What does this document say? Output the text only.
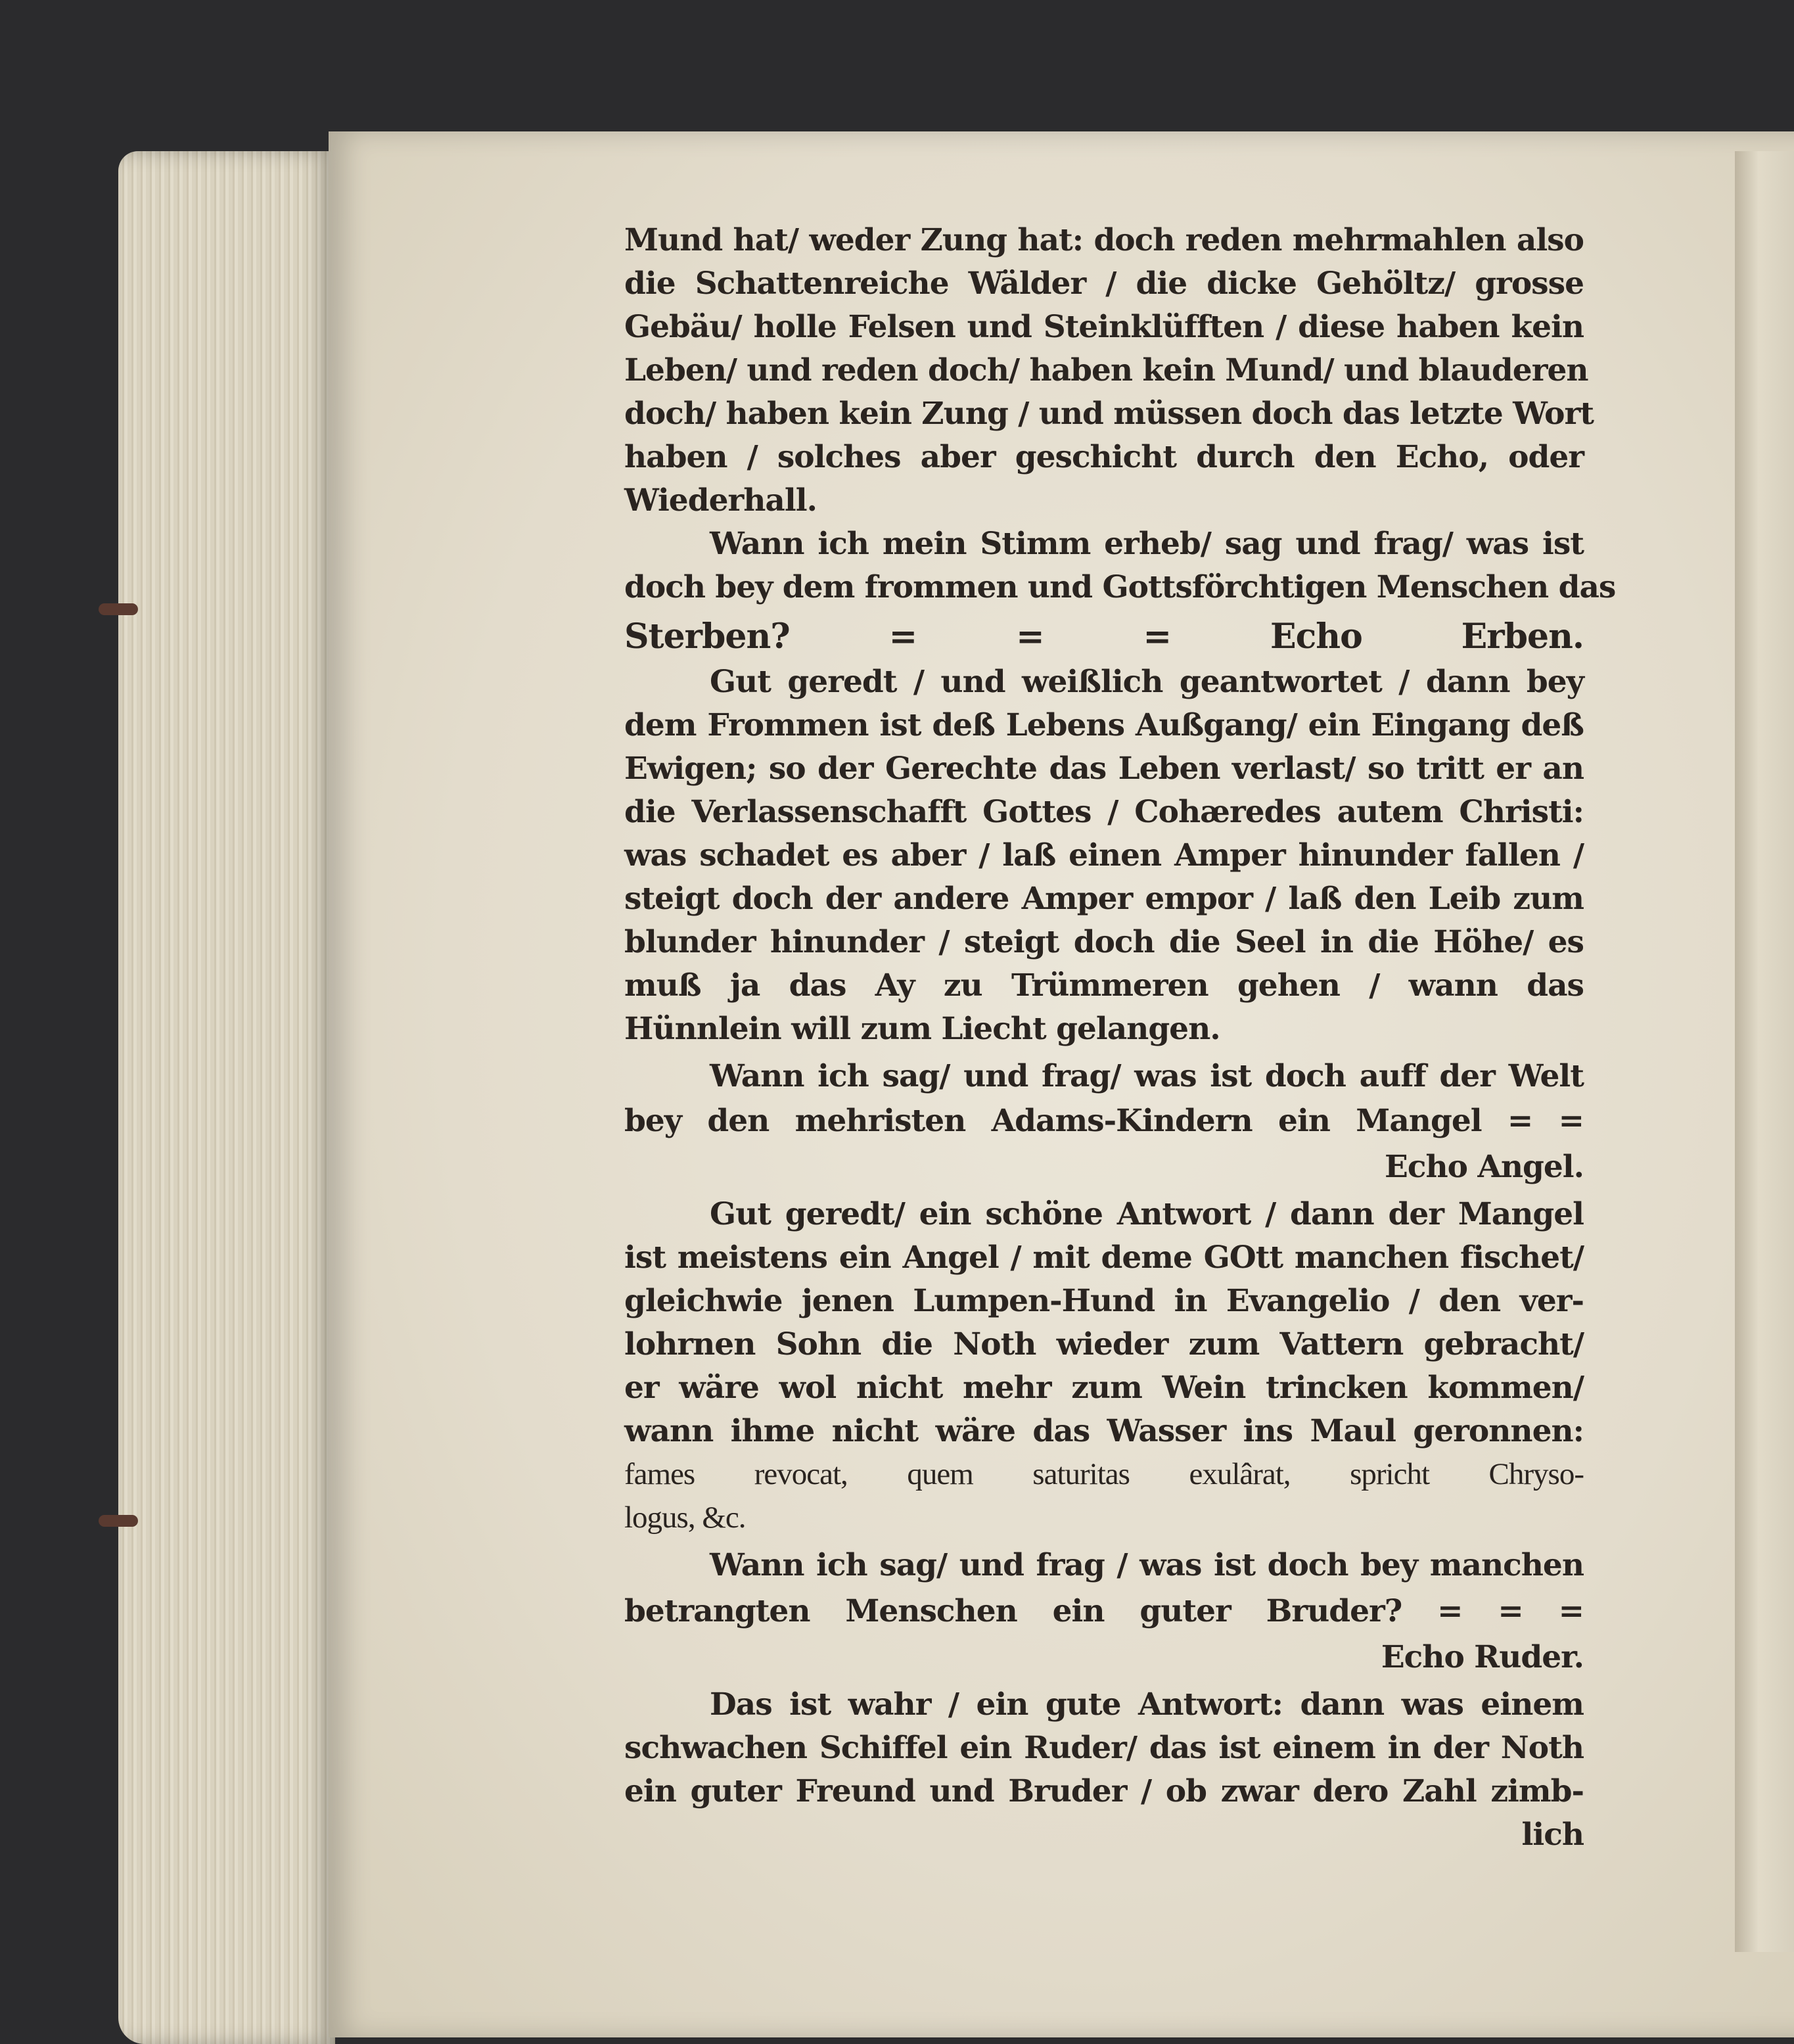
Mund hat/ weder Zung hat: doch reden mehrmahlen also
die Schattenreiche Wälder / die dicke Gehöltz/ grosse
Gebäu/ holle Felsen und Steinklüfften / diese haben kein
Leben/ und reden doch/ haben kein Mund/ und blauderen
doch/ haben kein Zung / und müssen doch das letzte Wort
haben / solches aber geschicht durch den Echo, oder
Wiederhall.
Wann ich mein Stimm erheb/ sag und frag/ was ist
doch bey dem frommen und Gottsförchtigen Menschen das
Sterben? = = = Echo Erben.
Gut geredt / und weißlich geantwortet / dann bey
dem Frommen ist deß Lebens Außgang/ ein Eingang deß
Ewigen; so der Gerechte das Leben verlast/ so tritt er an
die Verlassenschafft Gottes / Cohæredes autem Christi:
was schadet es aber / laß einen Amper hinunder fallen /
steigt doch der andere Amper empor / laß den Leib zum
blunder hinunder / steigt doch die Seel in die Höhe/ es
muß ja das Ay zu Trümmeren gehen / wann das
Hünnlein will zum Liecht gelangen.
Wann ich sag/ und frag/ was ist doch auff der Welt
bey den mehristen Adams-Kindern ein Mangel = =
Echo Angel.
Gut geredt/ ein schöne Antwort / dann der Mangel
ist meistens ein Angel / mit deme GOtt manchen fischet/
gleichwie jenen Lumpen-Hund in Evangelio / den ver-
lohrnen Sohn die Noth wieder zum Vattern gebracht/
er wäre wol nicht mehr zum Wein trincken kommen/
wann ihme nicht wäre das Wasser ins Maul geronnen:
fames revocat, quem saturitas exulârat, spricht Chryso-
logus, &c.
Wann ich sag/ und frag / was ist doch bey manchen
betrangten Menschen ein guter Bruder? = = =
Echo Ruder.
Das ist wahr / ein gute Antwort: dann was einem
schwachen Schiffel ein Ruder/ das ist einem in der Noth
ein guter Freund und Bruder / ob zwar dero Zahl zimb-
lich
